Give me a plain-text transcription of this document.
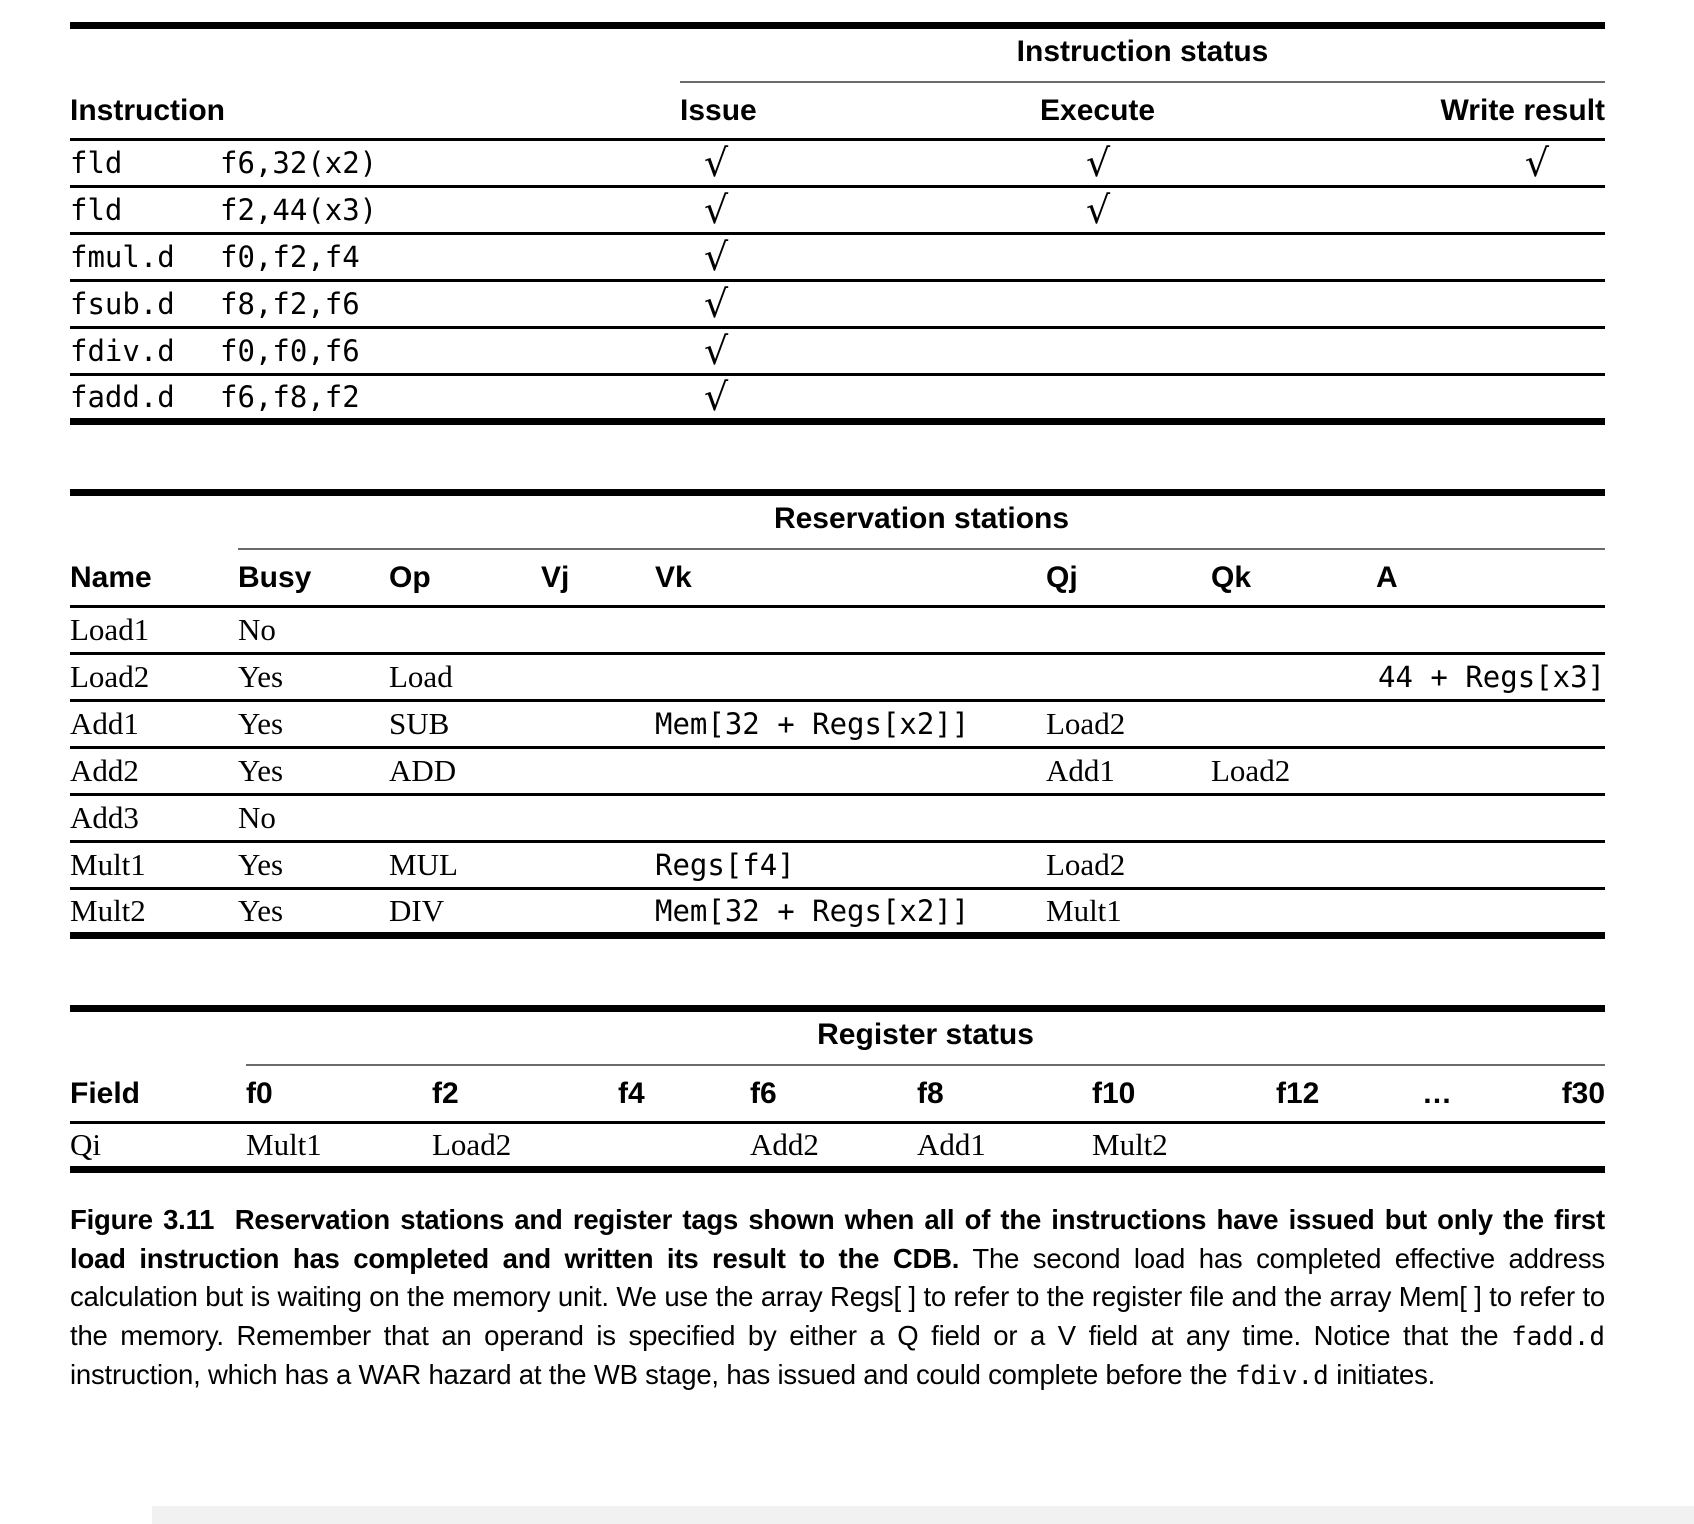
		Instruction status		
Instruction		Issue	Execute	Write result
fld	f6,32(x2)	√	√	√
fld	f2,44(x3)	√	√	
fmul.d	f0,f2,f4	√		
fsub.d	f8,f2,f6	√		
fdiv.d	f0,f0,f6	√		
fadd.d	f6,f8,f2	√		
	Reservation stations						
Name	Busy	Op	Vj	Vk	Qj	Qk	A
Load1	No						
Load2	Yes	Load					44 + Regs[x3]
Add1	Yes	SUB		Mem[32 + Regs[x2]]	Load2		
Add2	Yes	ADD			Add1	Load2	
Add3	No						
Mult1	Yes	MUL		Regs[f4]	Load2		
Mult2	Yes	DIV		Mem[32 + Regs[x2]]	Mult1		
	Register status								
Field	f0	f2	f4	f6	f8	f10	f12	…	f30
Qi	Mult1	Load2		Add2	Add1	Mult2			

Figure 3.11 Reservation stations and register tags shown when all of the instructions have issued but only the first load instruction has completed and written its result to the CDB. The second load has completed effective address calculation but is waiting on the memory unit. We use the array Regs[ ] to refer to the register file and the array Mem[ ] to refer to the memory. Remember that an operand is specified by either a Q field or a V field at any time. Notice that the fadd.d instruction, which has a WAR hazard at the WB stage, has issued and could complete before the fdiv.d initiates.
